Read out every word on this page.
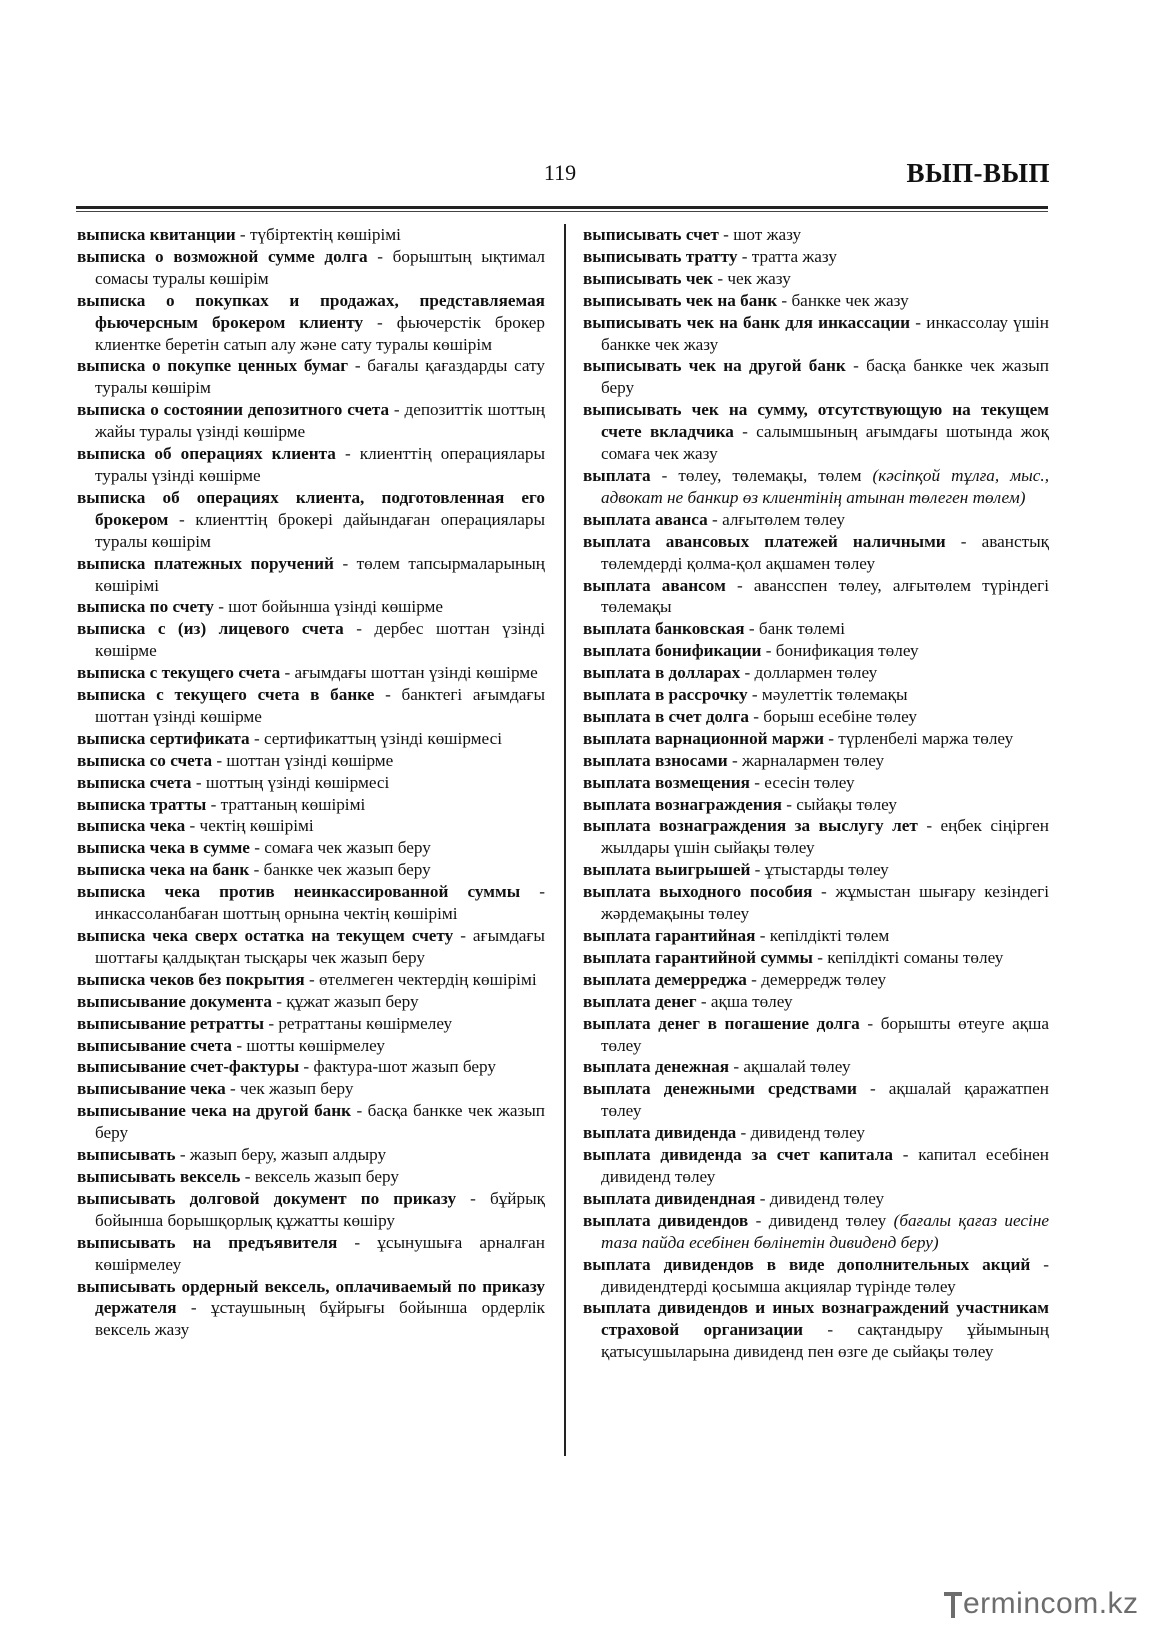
119	ВЫП-ВЫП

выписка квитанции - түбіртектің көшірімі

выписка о возможной сумме долга - борыштың ықтимал сомасы туралы көшірім

выписка о покупках и продажах, представляемая фьючерсным брокером клиенту - фьючерстік брокер клиентке беретін сатып алу және сату туралы көшірім

выписка о покупке ценных бумаг - бағалы қағаздарды сату туралы көшірім

выписка о состоянии депозитного счета - депозиттік шоттың жайы туралы үзінді көшірме

выписка об операциях клиента - клиенттің операциялары туралы үзінді көшірме

выписка об операциях клиента, подготовленная его брокером - клиенттің брокері дайындаған операциялары туралы көшірім

выписка платежных поручений - төлем тапсырмаларының көшірімі

выписка по счету - шот бойынша үзінді көшірме

выписка с (из) лицевого счета - дербес шоттан үзінді көшірме

выписка с текущего счета - ағымдағы шоттан үзінді көшірме

выписка с текущего счета в банке - банктегі ағымдағы шоттан үзінді көшірме

выписка сертификата - сертификаттың үзінді көшірмесі

выписка со счета - шоттан үзінді көшірме

выписка счета - шоттың үзінді көшірмесі

выписка тратты - траттаның көшірімі

выписка чека - чектің көшірімі

выписка чека в сумме - сомаға чек жазып беру

выписка чека на банк - банкке чек жазып беру

выписка чека против неинкассированной суммы - инкассоланбаған шоттың орнына чектің көшірімі

выписка чека сверх остатка на текущем счету - ағымдағы шоттағы қалдықтан тысқары чек жазып беру

выписка чеков без покрытия - өтелмеген чектердің көшірімі

выписывание документа - құжат жазып беру

выписывание ретратты - ретраттаны көшірмелеу

выписывание счета - шотты көшірмелеу

выписывание счет-фактуры - фактура-шот жазып беру

выписывание чека - чек жазып беру

выписывание чека на другой банк - басқа банкке чек жазып беру

выписывать - жазып беру, жазып алдыру

выписывать вексель - вексель жазып беру

выписывать долговой документ по приказу - бұйрық бойынша борышқорлық құжатты көшіру

выписывать на предъявителя - ұсынушыға арналған көшірмелеу

выписывать ордерный вексель, оплачиваемый по приказу держателя - ұстаушының бұйрығы бойынша ордерлік вексель жазу

выписывать счет - шот жазу

выписывать тратту - тратта жазу

выписывать чек - чек жазу

выписывать чек на банк - банкке чек жазу

выписывать чек на банк для инкассации - инкассолау үшін банкке чек жазу

выписывать чек на другой банк - басқа банкке чек жазып беру

выписывать чек на сумму, отсутствующую на текущем счете вкладчика - салымшының ағымдағы шотында жоқ сомаға чек жазу

выплата - төлеу, төлемақы, төлем (кәсіпқой тұлға, мыс., адвокат не банкир өз клиентінің атынан төлеген төлем)

выплата аванса - алғытөлем төлеу

выплата авансовых платежей наличными - аванстық төлемдерді қолма-қол ақшамен төлеу

выплата авансом - авансспен төлеу, алғытөлем түріндегі төлемақы

выплата банковская - банк төлемі

выплата бонификации - бонификация төлеу

выплата в долларах - доллармен төлеу

выплата в рассрочку - мәулеттік төлемақы

выплата в счет долга - борыш есебіне төлеу

выплата варнационной маржи - түрленбелі маржа төлеу

выплата взносами - жарналармен төлеу

выплата возмещения - есесін төлеу

выплата вознаграждения - сыйақы төлеу

выплата вознаграждения за выслугу лет - еңбек сіңірген жылдары үшін сыйақы төлеу

выплата выигрышей - ұтыстарды төлеу

выплата выходного пособия - жұмыстан шығару кезіндегі жәрдемақыны төлеу

выплата гарантийная - кепілдікті төлем

выплата гарантийной суммы - кепілдікті соманы төлеу

выплата демерреджа - демерредж төлеу

выплата денег - ақша төлеу

выплата денег в погашение долга - борышты өтеуге ақша төлеу

выплата денежная - ақшалай төлеу

выплата денежными средствами - ақшалай қаражатпен төлеу

выплата дивиденда - дивиденд төлеу

выплата дивиденда за счет капитала - капитал есебінен дивиденд төлеу

выплата дивидендная - дивиденд төлеу

выплата дивидендов - дивиденд төлеу (бағалы қағаз иесіне таза пайда есебінен бөлінетін дивиденд беру)

выплата дивидендов в виде дополнительных акций - дивидендтерді қосымша акциялар түрінде төлеу

выплата дивидендов и иных вознаграждений участникам страховой организации - сақтандыру ұйымының қатысушыларына дивиденд пен өзге де сыйақы төлеу

ermincom.kz
